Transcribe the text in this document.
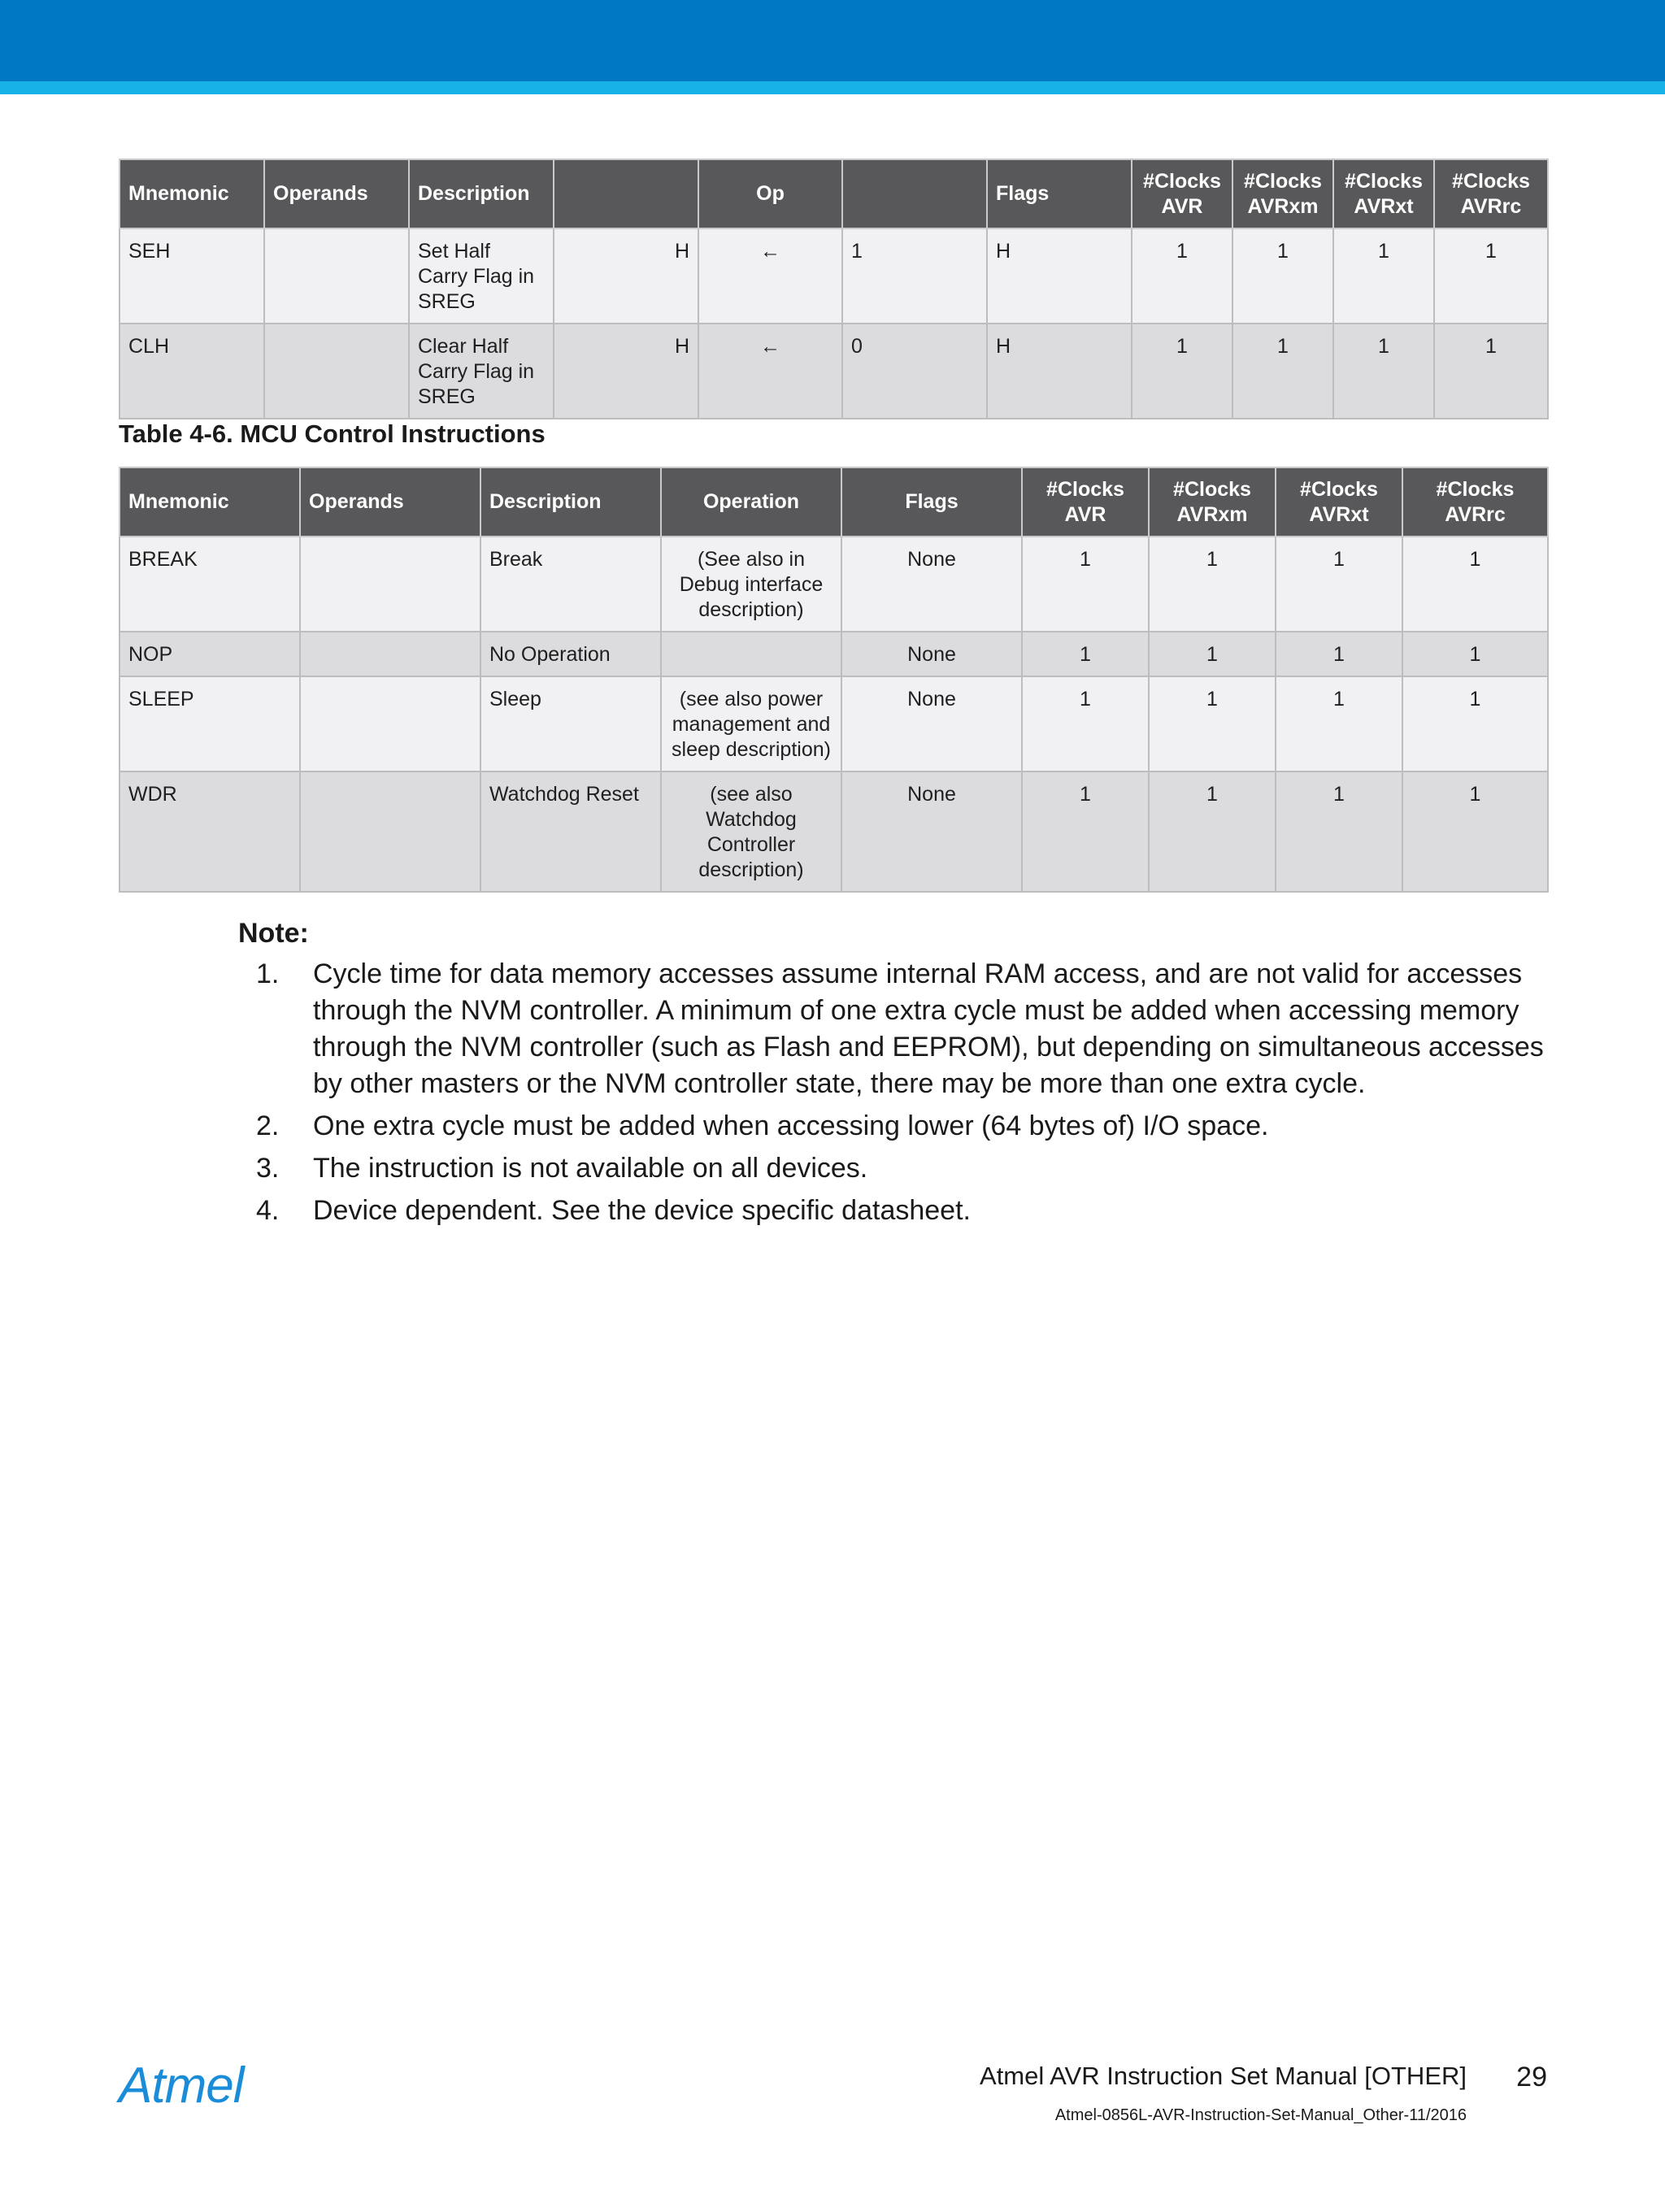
Mnemonic	Operands	Description		Op		Flags	#Clocks AVR	#Clocks AVRxm	#Clocks AVRxt	#Clocks AVRrc
SEH		Set Half Carry Flag in SREG	H	←	1	H	1	1	1	1
CLH		Clear Half Carry Flag in SREG	H	←	0	H	1	1	1	1
Table 4-6. MCU Control Instructions
Mnemonic	Operands	Description	Operation	Flags	#Clocks AVR	#Clocks AVRxm	#Clocks AVRxt	#Clocks AVRrc
BREAK		Break	(See also in Debug interface description)	None	1	1	1	1
NOP		No Operation		None	1	1	1	1
SLEEP		Sleep	(see also power management and sleep description)	None	1	1	1	1
WDR		Watchdog Reset	(see also Watchdog Controller description)	None	1	1	1	1
Note:
1. Cycle time for data memory accesses assume internal RAM access, and are not valid for accesses through the NVM controller. A minimum of one extra cycle must be added when accessing memory through the NVM controller (such as Flash and EEPROM), but depending on simultaneous accesses by other masters or the NVM controller state, there may be more than one extra cycle.
2. One extra cycle must be added when accessing lower (64 bytes of) I/O space.
3. The instruction is not available on all devices.
4. Device dependent. See the device specific datasheet.
Atmel	Atmel AVR Instruction Set Manual [OTHER] 29
Atmel-0856L-AVR-Instruction-Set-Manual_Other-11/2016
